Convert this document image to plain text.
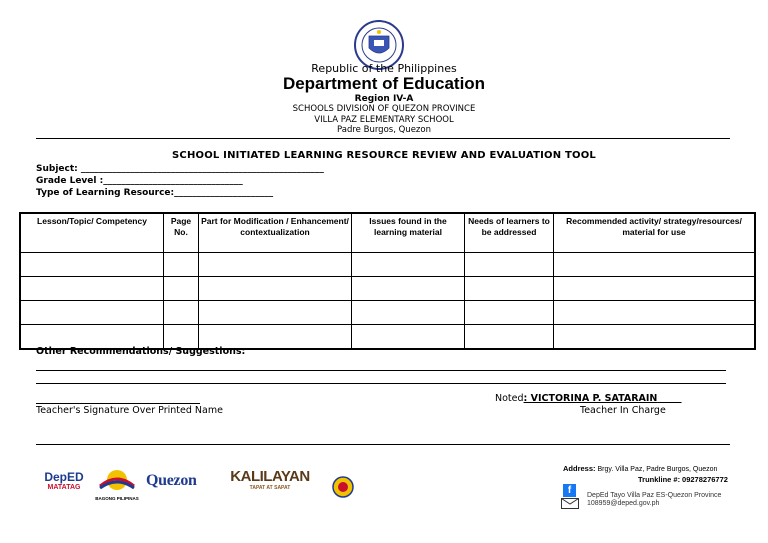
Republic of the Philippines
Department of Education
Region IV-A
SCHOOLS DIVISION OF QUEZON PROVINCE
VILLA PAZ ELEMENTARY SCHOOL
Padre Burgos, Quezon
SCHOOL INITIATED LEARNING RESOURCE REVIEW AND EVALUATION TOOL
Subject: ______________________________________________________
Grade Level :_______________________________
Type of Learning Resource:______________________
Lesson/Topic/ Competency	Page No.	Part for Modification / Enhancement/ contextualization	Issues found in the learning material	Needs of learners to be addressed	Recommended activity/ strategy/resources/ material for use

Other Recommendations/ Suggestions:
Teacher's Signature Over Printed Name
Noted: VICTORINA P. SATARAIN
Teacher In Charge
DepED
MATATAG
BAGONG PILIPINAS
Quezon	KALILAYAN
TAPAT AT SAPAT
Address: Brgy. Villa Paz, Padre Burgos, Quezon
Trunkline #: 09278276772
f	DepEd Tayo Villa Paz ES-Quezon Province
108959@deped.gov.ph
